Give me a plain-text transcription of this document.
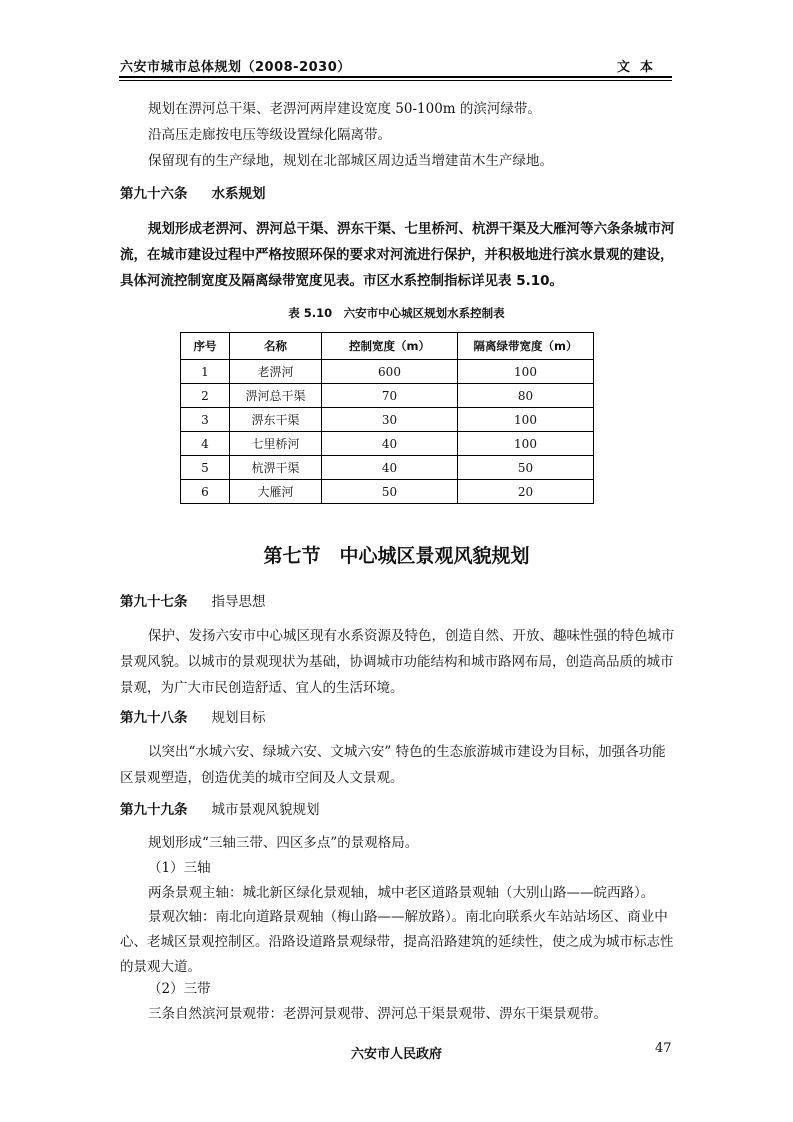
六安市城市总体规划（2008-2030）	文本
规划在淠河总干渠、老淠河两岸建设宽度 50-100m 的滨河绿带。
沿高压走廊按电压等级设置绿化隔离带。
保留现有的生产绿地，规划在北部城区周边适当增建苗木生产绿地。
第九十六条 水系规划
规划形成老淠河、淠河总干渠、淠东干渠、七里桥河、杭淠干渠及大雁河等六条条城市河流，在城市建设过程中严格按照环保的要求对河流进行保护，并积极地进行滨水景观的建设，具体河流控制宽度及隔离绿带宽度见表。市区水系控制指标详见表 5.10。
表 5.10　六安市中心城区规划水系控制表
序号	名称	控制宽度（m）	隔离绿带宽度（m）
1	老淠河	600	100
2	淠河总干渠	70	80
3	淠东干渠	30	100
4	七里桥河	40	100
5	杭淠干渠	40	50
6	大雁河	50	20
第七节　中心城区景观风貌规划
第九十七条 指导思想
保护、发扬六安市中心城区现有水系资源及特色，创造自然、开放、趣味性强的特色城市景观风貌。以城市的景观现状为基础，协调城市功能结构和城市路网布局，创造高品质的城市景观，为广大市民创造舒适、宜人的生活环境。
第九十八条 规划目标
以突出“水城六安、绿城六安、文城六安” 特色的生态旅游城市建设为目标，加强各功能区景观塑造，创造优美的城市空间及人文景观。
第九十九条 城市景观风貌规划
规划形成“三轴三带、四区多点”的景观格局。
（1）三轴
两条景观主轴：城北新区绿化景观轴，城中老区道路景观轴（大别山路——皖西路）。
景观次轴：南北向道路景观轴（梅山路——解放路）。南北向联系火车站站场区、商业中心、老城区景观控制区。沿路设道路景观绿带，提高沿路建筑的延续性，使之成为城市标志性的景观大道。
（2）三带
三条自然滨河景观带：老淠河景观带、淠河总干渠景观带、淠东干渠景观带。
六安市人民政府	47
